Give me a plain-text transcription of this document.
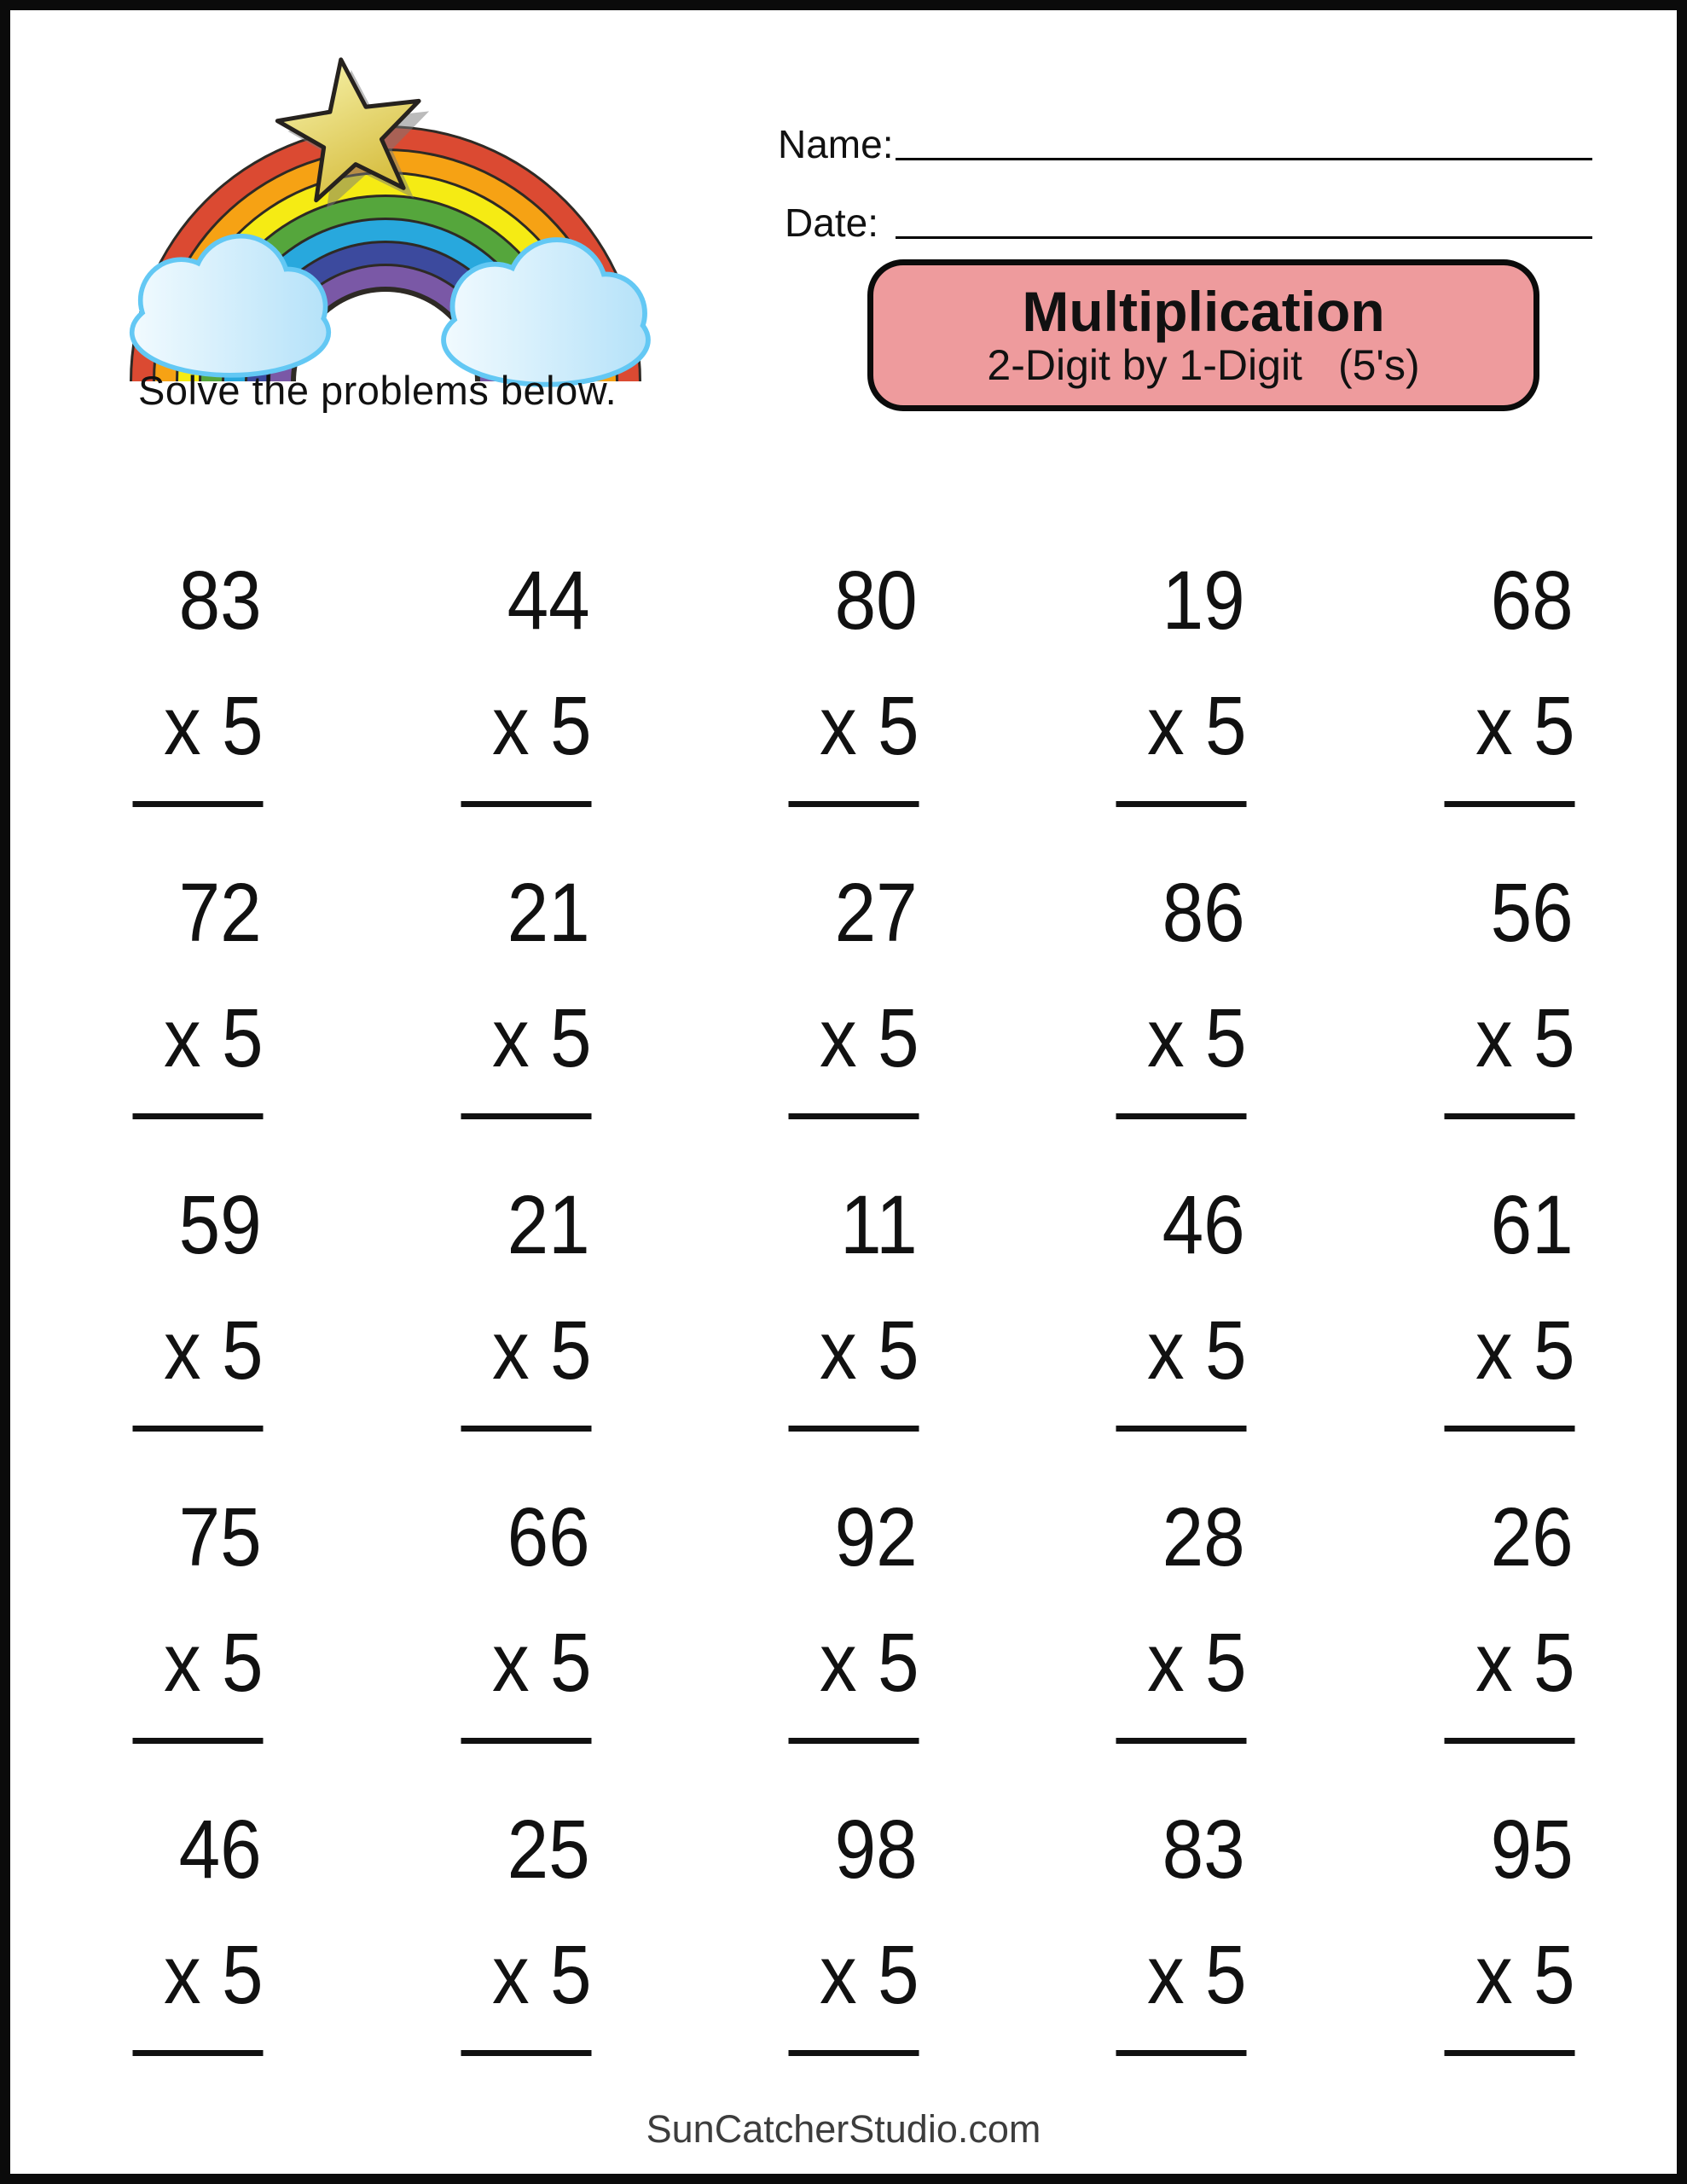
Solve the problems below.
Name:
Date:
Multiplication
2-Digit by 1-Digit (5's)
83
x 5
44
x 5
80
x 5
19
x 5
68
x 5
72
x 5
21
x 5
27
x 5
86
x 5
56
x 5
59
x 5
21
x 5
11
x 5
46
x 5
61
x 5
75
x 5
66
x 5
92
x 5
28
x 5
26
x 5
46
x 5
25
x 5
98
x 5
83
x 5
95
x 5
SunCatcherStudio.com
